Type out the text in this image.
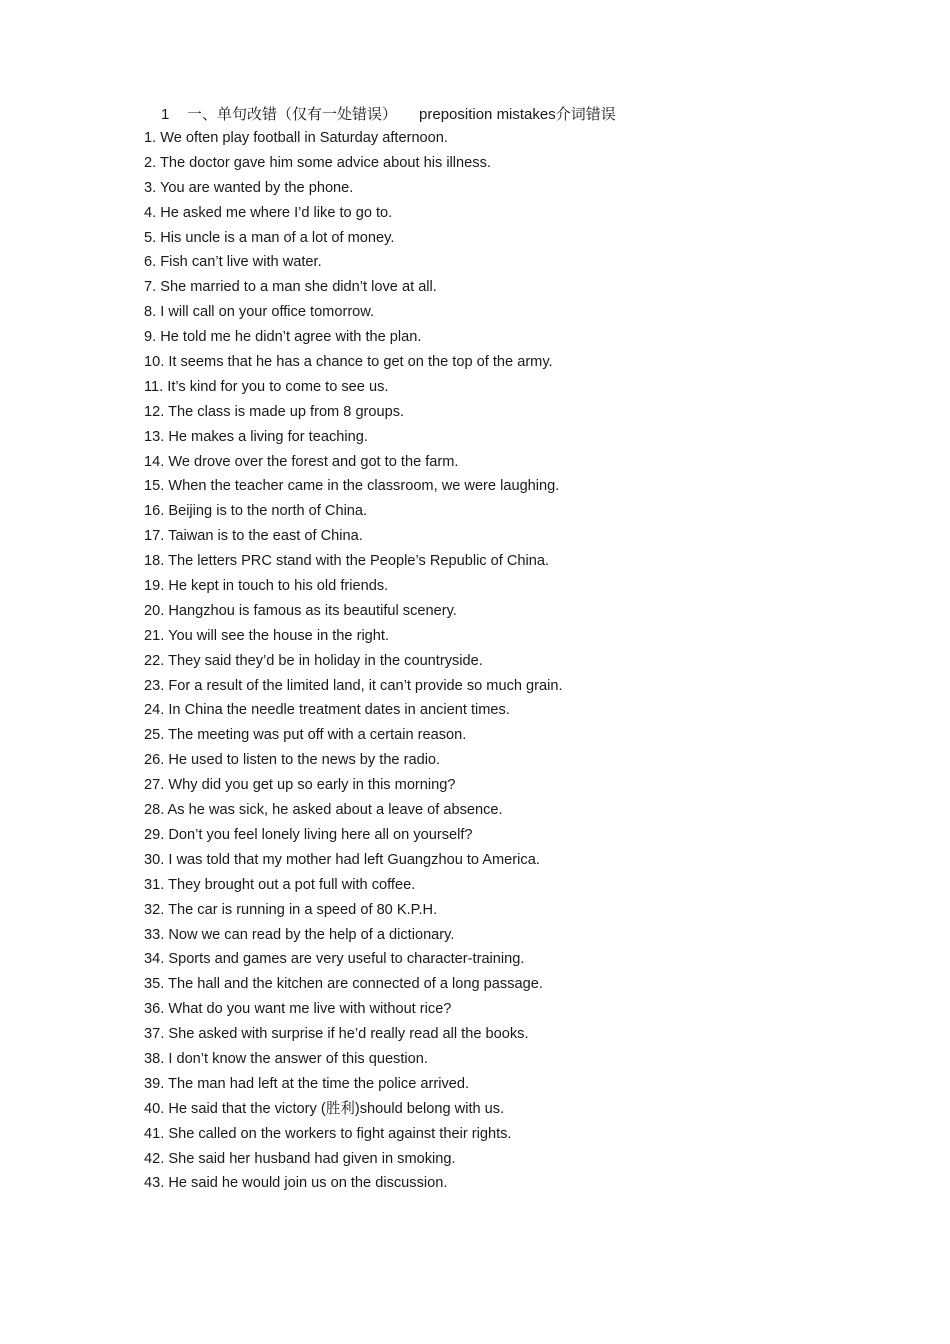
1 一、单句改错（仅有一处错误） preposition mistakes介词错误
1. We often play football in Saturday afternoon.
2. The doctor gave him some advice about his illness.
3. You are wanted by the phone.
4. He asked me where I’d like to go to.
5. His uncle is a man of a lot of money.
6. Fish can’t live with water.
7. She married to a man she didn’t love at all.
8. I will call on your office tomorrow.
9. He told me he didn’t agree with the plan.
10. It seems that he has a chance to get on the top of the army.
11. It’s kind for you to come to see us.
12. The class is made up from 8 groups.
13. He makes a living for teaching.
14. We drove over the forest and got to the farm.
15. When the teacher came in the classroom, we were laughing.
16. Beijing is to the north of China.
17. Taiwan is to the east of China.
18. The letters PRC stand with the People’s Republic of China.
19. He kept in touch to his old friends.
20. Hangzhou is famous as its beautiful scenery.
21. You will see the house in the right.
22. They said they’d be in holiday in the countryside.
23. For a result of the limited land, it can’t provide so much grain.
24. In China the needle treatment dates in ancient times.
25. The meeting was put off with a certain reason.
26. He used to listen to the news by the radio.
27. Why did you get up so early in this morning?
28. As he was sick, he asked about a leave of absence.
29. Don’t you feel lonely living here all on yourself?
30. I was told that my mother had left Guangzhou to America.
31. They brought out a pot full with coffee.
32. The car is running in a speed of 80 K.P.H.
33. Now we can read by the help of a dictionary.
34. Sports and games are very useful to character-training.
35. The hall and the kitchen are connected of a long passage.
36. What do you want me live with without rice?
37. She asked with surprise if he’d really read all the books.
38. I don’t know the answer of this question.
39. The man had left at the time the police arrived.
40. He said that the victory (胜利)should belong with us.
41. She called on the workers to fight against their rights.
42. She said her husband had given in smoking.
43. He said he would join us on the discussion.
